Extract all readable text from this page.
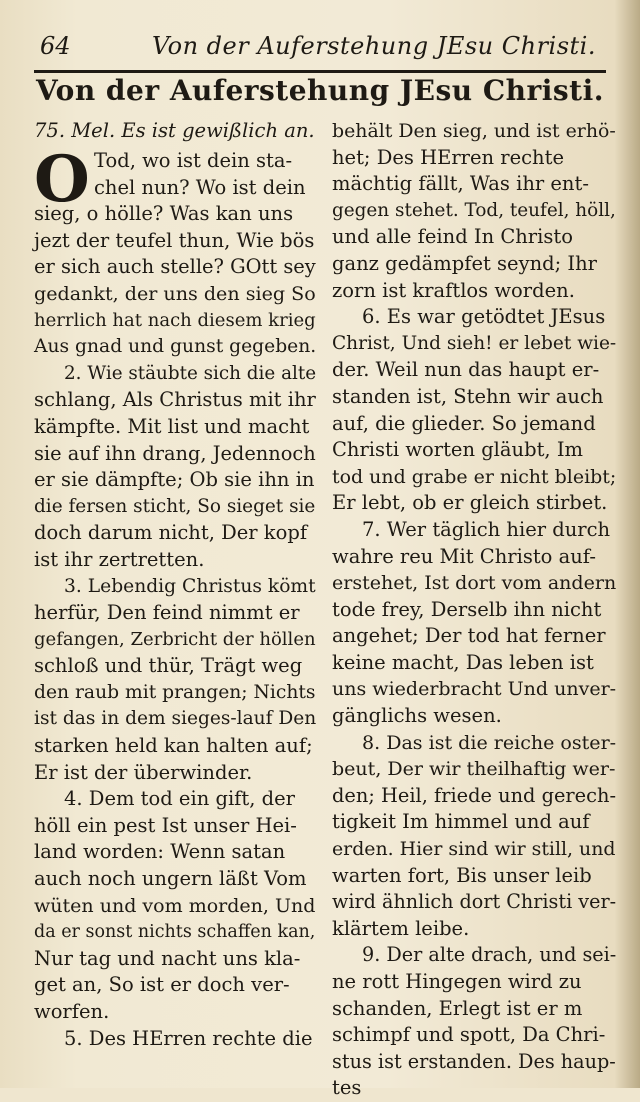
64	Von der Auferstehung JEsu Christi.
Von der Auferstehung JEsu Christi.
75. Mel. Es ist gewißlich an.
O Tod, wo ist dein sta-
chel nun? Wo ist dein
sieg, o hölle? Was kan uns
jezt der teufel thun, Wie bös
er sich auch stelle? GOtt sey
gedankt, der uns den sieg So
herrlich hat nach diesem krieg
Aus gnad und gunst gegeben.
2. Wie stäubte sich die alte
schlang, Als Christus mit ihr
kämpfte. Mit list und macht
sie auf ihn drang, Jedennoch
er sie dämpfte; Ob sie ihn in
die fersen sticht, So sieget sie
doch darum nicht, Der kopf
ist ihr zertretten.
3. Lebendig Christus kömt
herfür, Den feind nimmt er
gefangen, Zerbricht der höllen
schloß und thür, Trägt weg
den raub mit prangen; Nichts
ist das in dem sieges-lauf Den
starken held kan halten auf;
Er ist der überwinder.
4. Dem tod ein gift, der
höll ein pest Ist unser Hei-
land worden: Wenn satan
auch noch ungern läßt Vom
wüten und vom morden, Und
da er sonst nichts schaffen kan,
Nur tag und nacht uns kla-
get an, So ist er doch ver-
worfen.
5. Des HErren rechte die
behält Den sieg, und ist erhö-
het; Des HErren rechte
mächtig fällt, Was ihr ent-
gegen stehet. Tod, teufel, höll,
und alle feind In Christo
ganz gedämpfet seynd; Ihr
zorn ist kraftlos worden.
6. Es war getödtet JEsus
Christ, Und sieh! er lebet wie-
der. Weil nun das haupt er-
standen ist, Stehn wir auch
auf, die glieder. So jemand
Christi worten gläubt, Im
tod und grabe er nicht bleibt;
Er lebt, ob er gleich stirbet.
7. Wer täglich hier durch
wahre reu Mit Christo auf-
erstehet, Ist dort vom andern
tode frey, Derselb ihn nicht
angehet; Der tod hat ferner
keine macht, Das leben ist
uns wiederbracht Und unver-
gänglichs wesen.
8. Das ist die reiche oster-
beut, Der wir theilhaftig wer-
den; Heil, friede und gerech-
tigkeit Im himmel und auf
erden. Hier sind wir still, und
warten fort, Bis unser leib
wird ähnlich dort Christi ver-
klärtem leibe.
9. Der alte drach, und sei-
ne rott Hingegen wird zu
schanden, Erlegt ist er m
schimpf und spott, Da Chri-
stus ist erstanden. Des haup-
tes
